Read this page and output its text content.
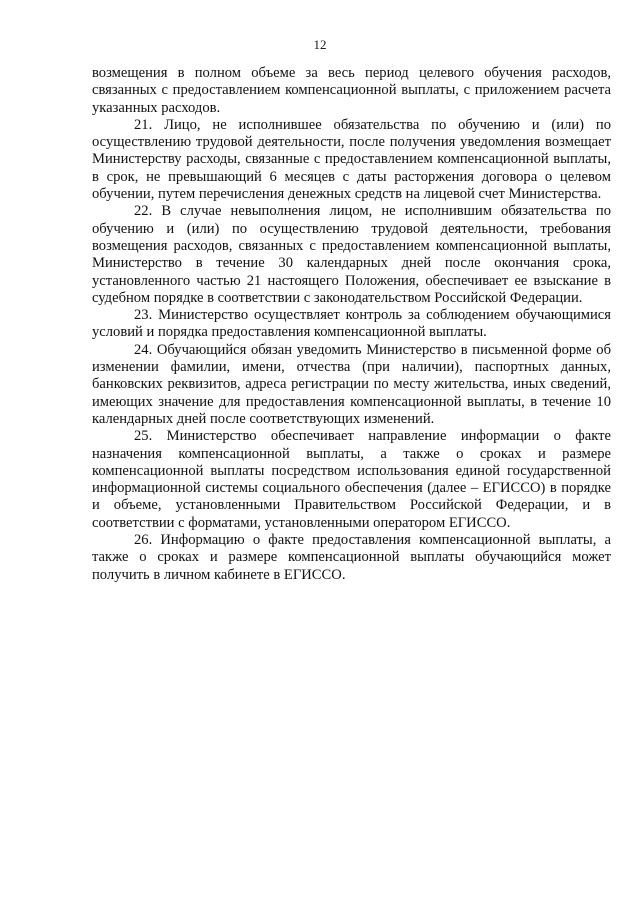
12

возмещения в полном объеме за весь период целевого обучения расходов, связанных с предоставлением компенсационной выплаты, с приложением расчета указанных расходов.

21. Лицо, не исполнившее обязательства по обучению и (или) по осуществлению трудовой деятельности, после получения уведомления возмещает Министерству расходы, связанные с предоставлением компенсационной выплаты, в срок, не превышающий 6 месяцев с даты расторжения договора о целевом обучении, путем перечисления денежных средств на лицевой счет Министерства.

22. В случае невыполнения лицом, не исполнившим обязательства по обучению и (или) по осуществлению трудовой деятельности, требования возмещения расходов, связанных с предоставлением компенсационной выплаты, Министерство в течение 30 календарных дней после окончания срока, установленного частью 21 настоящего Положения, обеспечивает ее взыскание в судебном порядке в соответствии с законодательством Российской Федерации.

23. Министерство осуществляет контроль за соблюдением обучающимися условий и порядка предоставления компенсационной выплаты.

24. Обучающийся обязан уведомить Министерство в письменной форме об изменении фамилии, имени, отчества (при наличии), паспортных данных, банковских реквизитов, адреса регистрации по месту жительства, иных сведений, имеющих значение для предоставления компенсационной выплаты, в течение 10 календарных дней после соответствующих изменений.

25. Министерство обеспечивает направление информации о факте назначения компенсационной выплаты, а также о сроках и размере компенсационной выплаты посредством использования единой государственной информационной системы социального обеспечения (далее – ЕГИССО) в порядке и объеме, установленными Правительством Российской Федерации, и в соответствии с форматами, установленными оператором ЕГИССО.

26. Информацию о факте предоставления компенсационной выплаты, а также о сроках и размере компенсационной выплаты обучающийся может получить в личном кабинете в ЕГИССО.
